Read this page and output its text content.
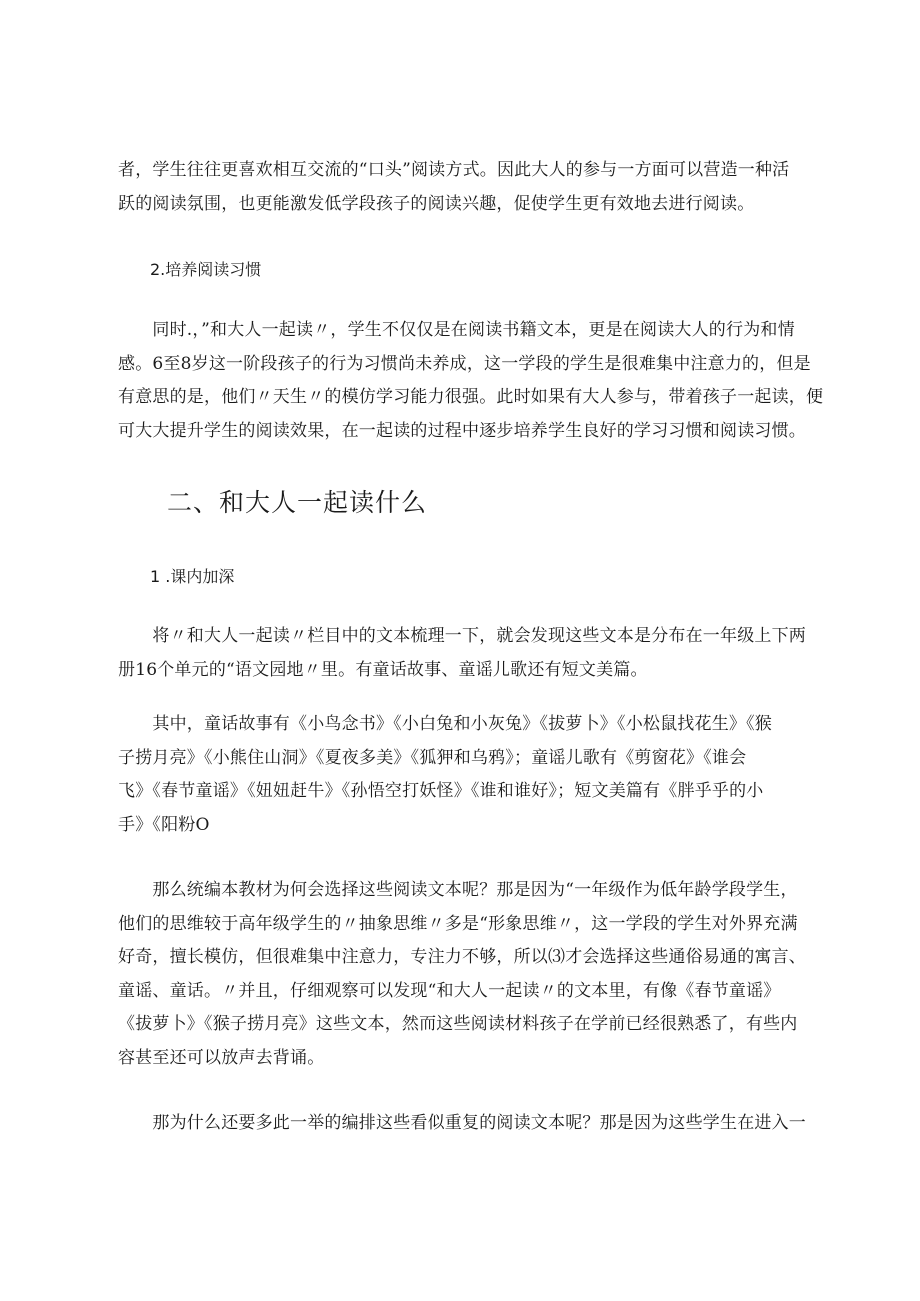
者，学生往往更喜欢相互交流的“口头”阅读方式。因此大人的参与一方面可以营造一种活
跃的阅读氛围，也更能激发低学段孩子的阅读兴趣，促使学生更有效地去进行阅读。

2.培养阅读习惯

　　同时.，”和大人一起读〃，学生不仅仅是在阅读书籍文本，更是在阅读大人的行为和情
感。6至8岁这一阶段孩子的行为习惯尚未养成，这一学段的学生是很难集中注意力的，但是
有意思的是，他们〃天生〃的模仿学习能力很强。此时如果有大人参与，带着孩子一起读，便
可大大提升学生的阅读效果，在一起读的过程中逐步培养学生良好的学习习惯和阅读习惯。

二、和大人一起读什么

1 .课内加深

　　将〃和大人一起读〃栏目中的文本梳理一下，就会发现这些文本是分布在一年级上下两
册16个单元的“语文园地〃里。有童话故事、童谣儿歌还有短文美篇。

　　其中，童话故事有《小鸟念书》《小白兔和小灰兔》《拔萝卜》《小松鼠找花生》《猴
子捞月亮》《小熊住山洞》《夏夜多美》《狐狎和乌鸦》；童谣儿歌有《剪窗花》《谁会
飞》《春节童谣》《妞妞赶牛》《孙悟空打妖怪》《谁和谁好》；短文美篇有《胖乎乎的小
手》《阳粉O

　　那么统编本教材为何会选择这些阅读文本呢？那是因为“一年级作为低年龄学段学生，
他们的思维较于高年级学生的〃抽象思维〃多是“形象思维〃，这一学段的学生对外界充满
好奇，擅长模仿，但很难集中注意力，专注力不够，所以⑶才会选择这些通俗易通的寓言、
童谣、童话。〃并且，仔细观察可以发现“和大人一起读〃的文本里，有像《春节童谣》
《拔萝卜》《猴子捞月亮》这些文本，然而这些阅读材料孩子在学前已经很熟悉了，有些内
容甚至还可以放声去背诵。

　　那为什么还要多此一举的编排这些看似重复的阅读文本呢？那是因为这些学生在进入一
